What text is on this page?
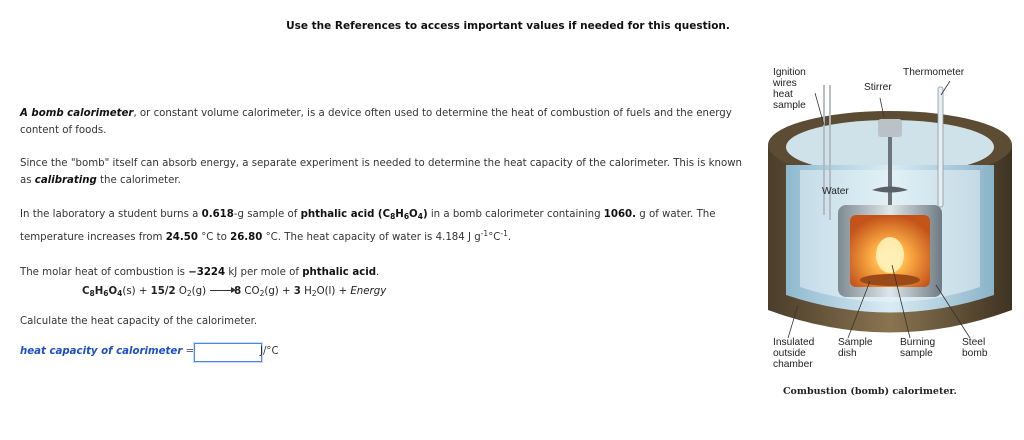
Use the References to access important values if needed for this question.
A bomb calorimeter, or constant volume calorimeter, is a device often used to determine the heat of combustion of fuels and the energy content of foods.
Since the "bomb" itself can absorb energy, a separate experiment is needed to determine the heat capacity of the calorimeter. This is known as calibrating the calorimeter.
In the laboratory a student burns a 0.618-g sample of phthalic acid $(C_8H_6O_4)$ in a bomb calorimeter containing 1060. g of water. The temperature increases from 24.50 °C to 26.80 °C. The heat capacity of water is 4.184 J $g^{-1}^\circ C^{-1}$.
The molar heat of combustion is −3224 kJ per mole of phthalic acid.
$C_8H_6O_4(s) + 15/2$ $O_2(g) \to 8$ $CO_2(g) + 3$ $H_2O(l)$ + Energy
Calculate the heat capacity of the calorimeter.
heat capacity of calorimeter =	J/°C
Ignition
wires
heat
sample
Stirrer
Thermometer
Water
Insulated
outside
chamber
Sample
dish
Burning
sample
Steel
bomb
Combustion (bomb) calorimeter.
